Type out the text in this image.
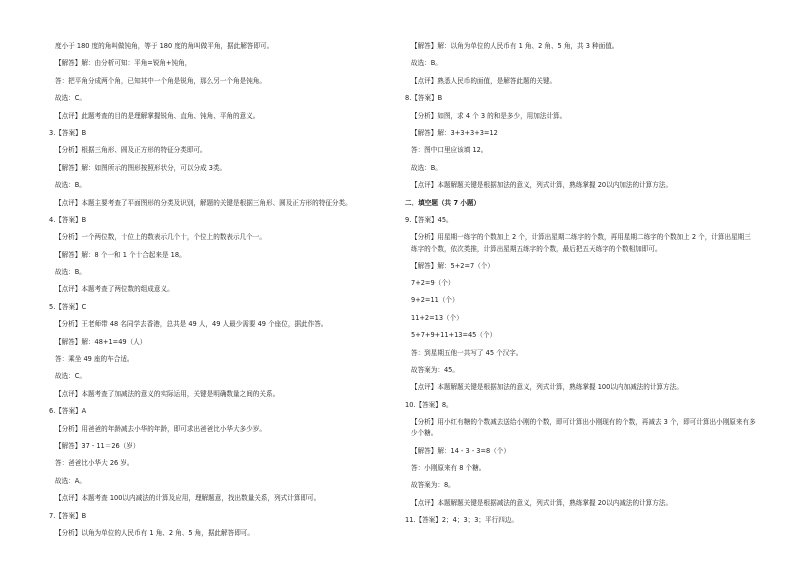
度小于 180 度的角叫做钝角，等于 180 度的角叫做平角，据此解答即可。
【解答】解：由分析可知：平角=锐角+钝角，
答：把平角分成两个角，已知其中一个角是锐角，那么另一个角是钝角。
故选：C。
【点评】此题考查的目的是理解掌握锐角、直角、钝角、平角的意义。
3.【答案】B
【分析】根据三角形、圆及正方形的特征分类即可。
【解答】解：如图所示的图形按照形状分，可以分成 3类。
故选：B。
【点评】本题主要考查了平面图形的分类及识别，解题的关键是根据三角形、圆及正方形的特征分类。
4.【答案】B
【分析】一个两位数，十位上的数表示几个十，个位上的数表示几个一。
【解答】解：8 个一和 1 个十合起来是 18。
故选：B。
【点评】本题考查了两位数的组成意义。
5.【答案】C
【分析】王老师带 48 名同学去香港，总共是 49 人，49 人最少需要 49 个座位，据此作答。
【解答】解：48+1=49（人）
答：乘坐 49 座的车合适。
故选：C。
【点评】本题考查了加减法的意义的实际运用，关键是明确数量之间的关系。
6.【答案】A
【分析】用爸爸的年龄减去小华的年龄，即可求出爸爸比小华大多少岁。
【解答】37 - 11＝26（岁）
答：爸爸比小华大 26 岁。
故选：A。
【点评】本题考查 100以内减法的计算及应用，理解题意，找出数量关系，列式计算即可。
7.【答案】B
【分析】以角为单位的人民币有 1 角、2 角、5 角，据此解答即可。
【解答】解：以角为单位的人民币有 1 角、2 角、5 角，共 3 种面值。
故选：B。
【点评】熟悉人民币的面值，是解答此题的关键。
8.【答案】B
【分析】如图，求 4 个 3 的和是多少，用加法计算。
【解答】解：3+3+3+3=12
答：图中口里应该填 12。
故选：B。
【点评】本题解题关键是根据加法的意义，列式计算，熟练掌握 20以内加法的计算方法。
二．填空题（共 7 小题）
9.【答案】45。
【分析】用星期一练字的个数加上 2 个，计算出星期二练字的个数，再用星期二练字的个数加上 2 个，计算出星期三练字的个数，依次类推，计算出星期五练字的个数，最后把五天练字的个数相加即可。
【解答】解：5+2=7（个）
7+2=9（个）
9+2=11（个）
11+2=13（个）
5+7+9+11+13=45（个）
答：到星期五他一共写了 45 个汉字。
故答案为：45。
【点评】本题解题关键是根据加法的意义，列式计算，熟练掌握 100以内加减法的计算方法。
10.【答案】8。
【分析】用小红有糖的个数减去送给小刚的个数，即可计算出小刚现有的个数，再减去 3 个，即可计算出小刚原来有多少个糖。
【解答】解：14 - 3 - 3=8（个）
答：小刚原来有 8 个糖。
故答案为：8。
【点评】本题解题关键是根据减法的意义，列式计算，熟练掌握 20以内减法的计算方法。
11.【答案】2；4；3；3；平行四边。
